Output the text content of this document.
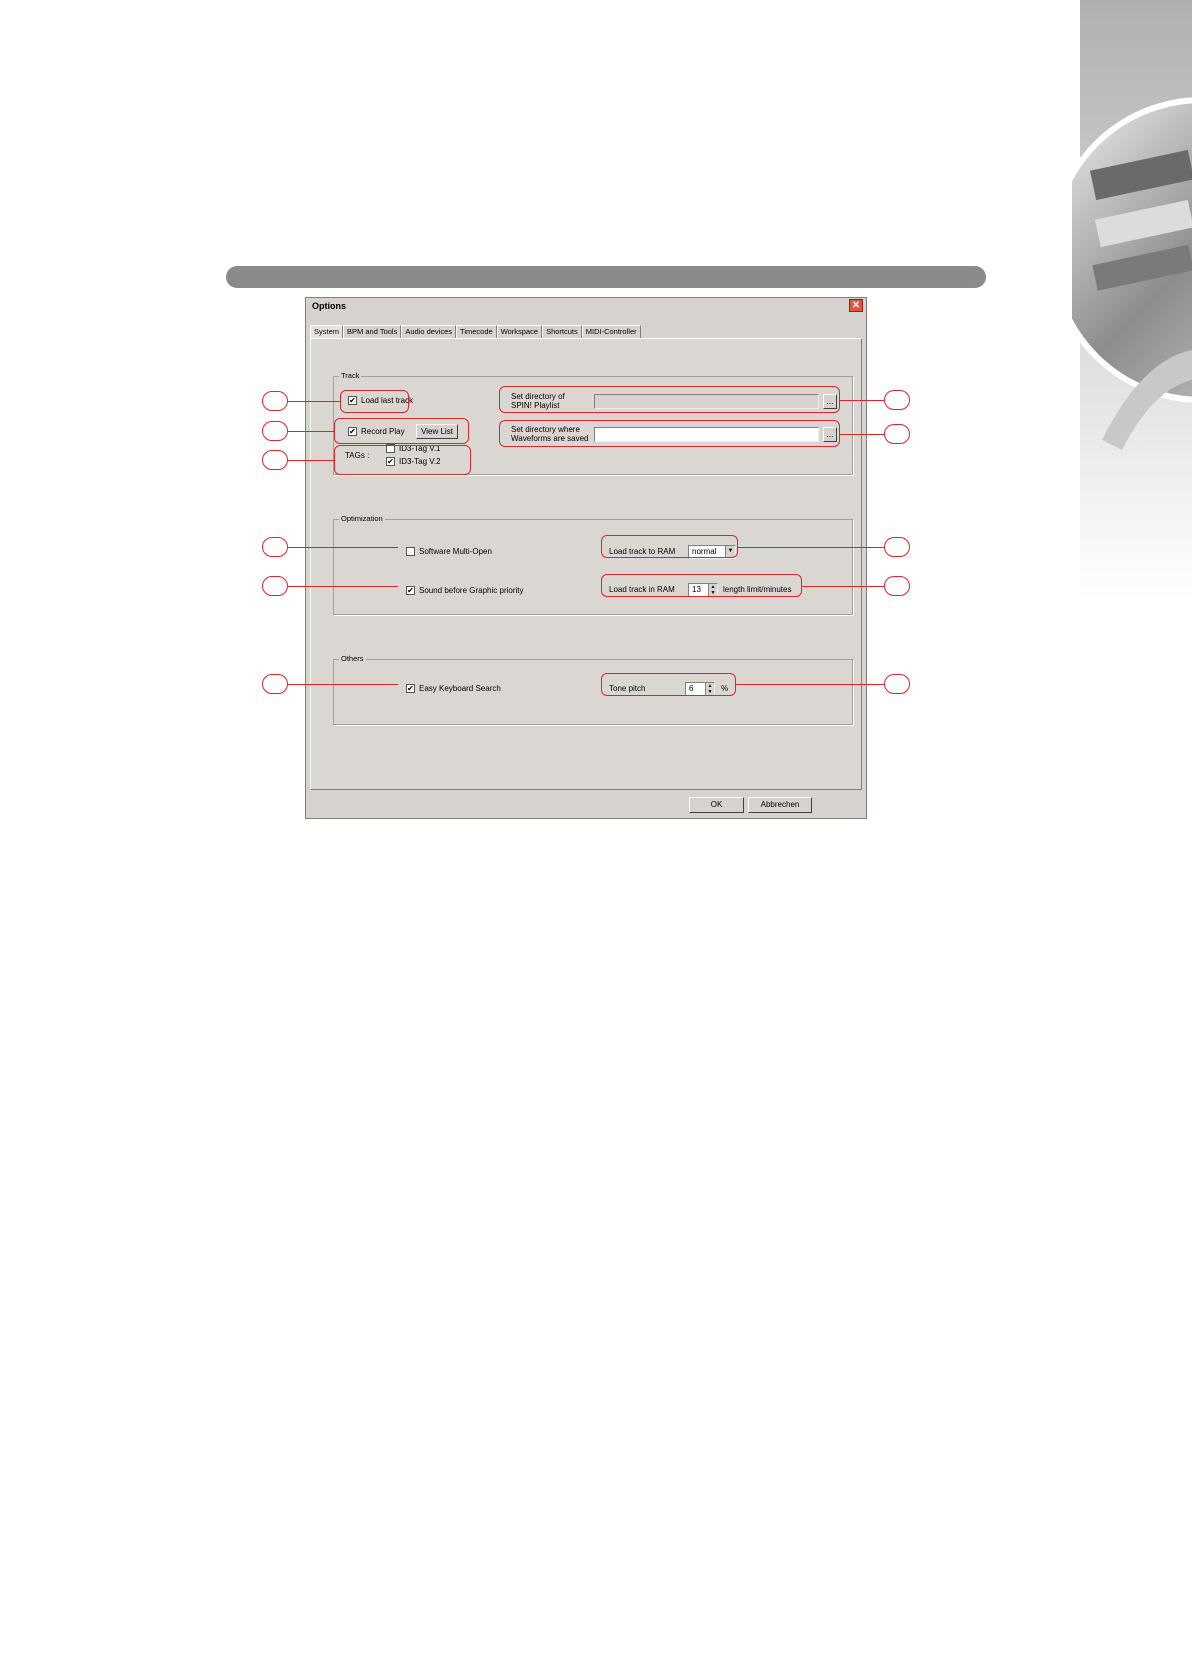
Options	✕
System	BPM and Tools	Audio devices	Timecode	Workspace	Shortcuts	MIDI-Controller
Track
✔ Load last track
✔ Record Play	View List
TAGs :
ID3-Tag V.1
✔ ID3-Tag V.2
Set directory of
SPIN! Playlist	...
Set directory where
Waveforms are saved	...
Optimization
Software Multi-Open
✔ Sound before Graphic priority
Load track to RAM normal	▼
Load track in RAM 13	▲
▼ length limit/minutes
Others
✔ Easy Keyboard Search	Tone pitch	6	▲
▼ %
OK	Abbrechen
